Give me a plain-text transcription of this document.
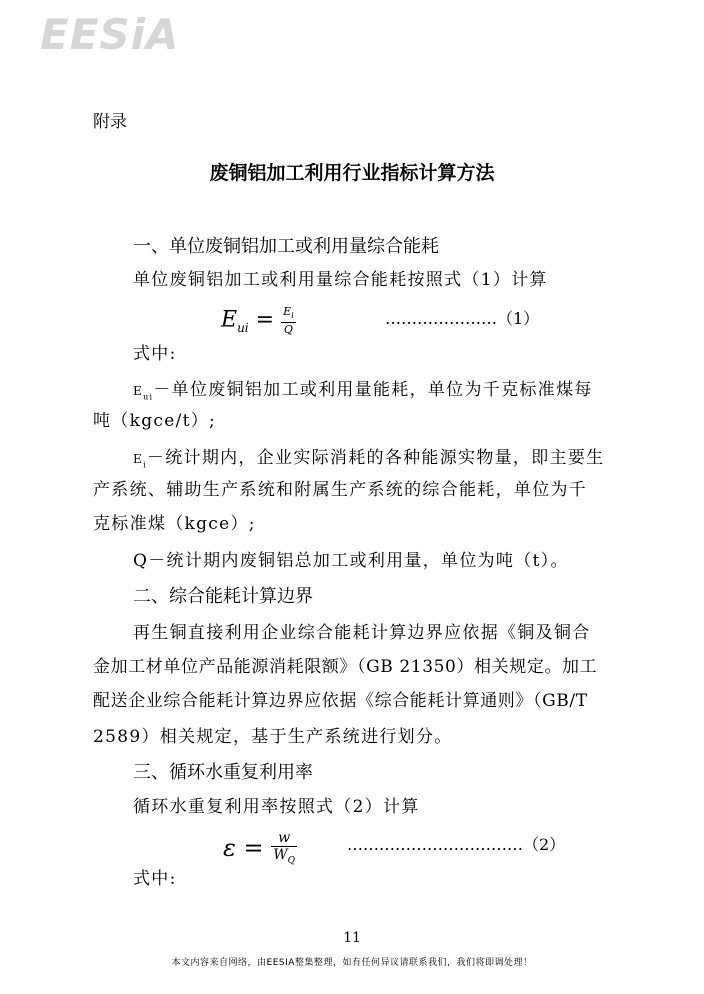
EESiA
附录
废铜铝加工利用行业指标计算方法
一、单位废铜铝加工或利用量综合能耗
单位废铜铝加工或利用量综合能耗按照式（1）计算
$E_{ui} = \frac{E_i}{Q}$	…………………（1）
式中:
$E_{ui}-$单位废铜铝加工或利用量能耗，单位为千克标准煤每
吨（kgce/t）;
$E_i-$统计期内，企业实际消耗的各种能源实物量，即主要生
产系统、辅助生产系统和附属生产系统的综合能耗，单位为千
克标准煤（kgce）;
Q－统计期内废铜铝总加工或利用量，单位为吨（t）。
二、综合能耗计算边界
再生铜直接利用企业综合能耗计算边界应依据《铜及铜合
金加工材单位产品能源消耗限额》（GB 21350）相关规定。加工
配送企业综合能耗计算边界应依据《综合能耗计算通则》（GB/T
2589）相关规定，基于生产系统进行划分。
三、循环水重复利用率
循环水重复利用率按照式（2）计算
$\varepsilon = \frac{w}{W_Q}$	……………………………（2）
式中:
11
本文内容来自网络，由EESIA整集整理，如有任何异议请联系我们，我们将即调处理！
